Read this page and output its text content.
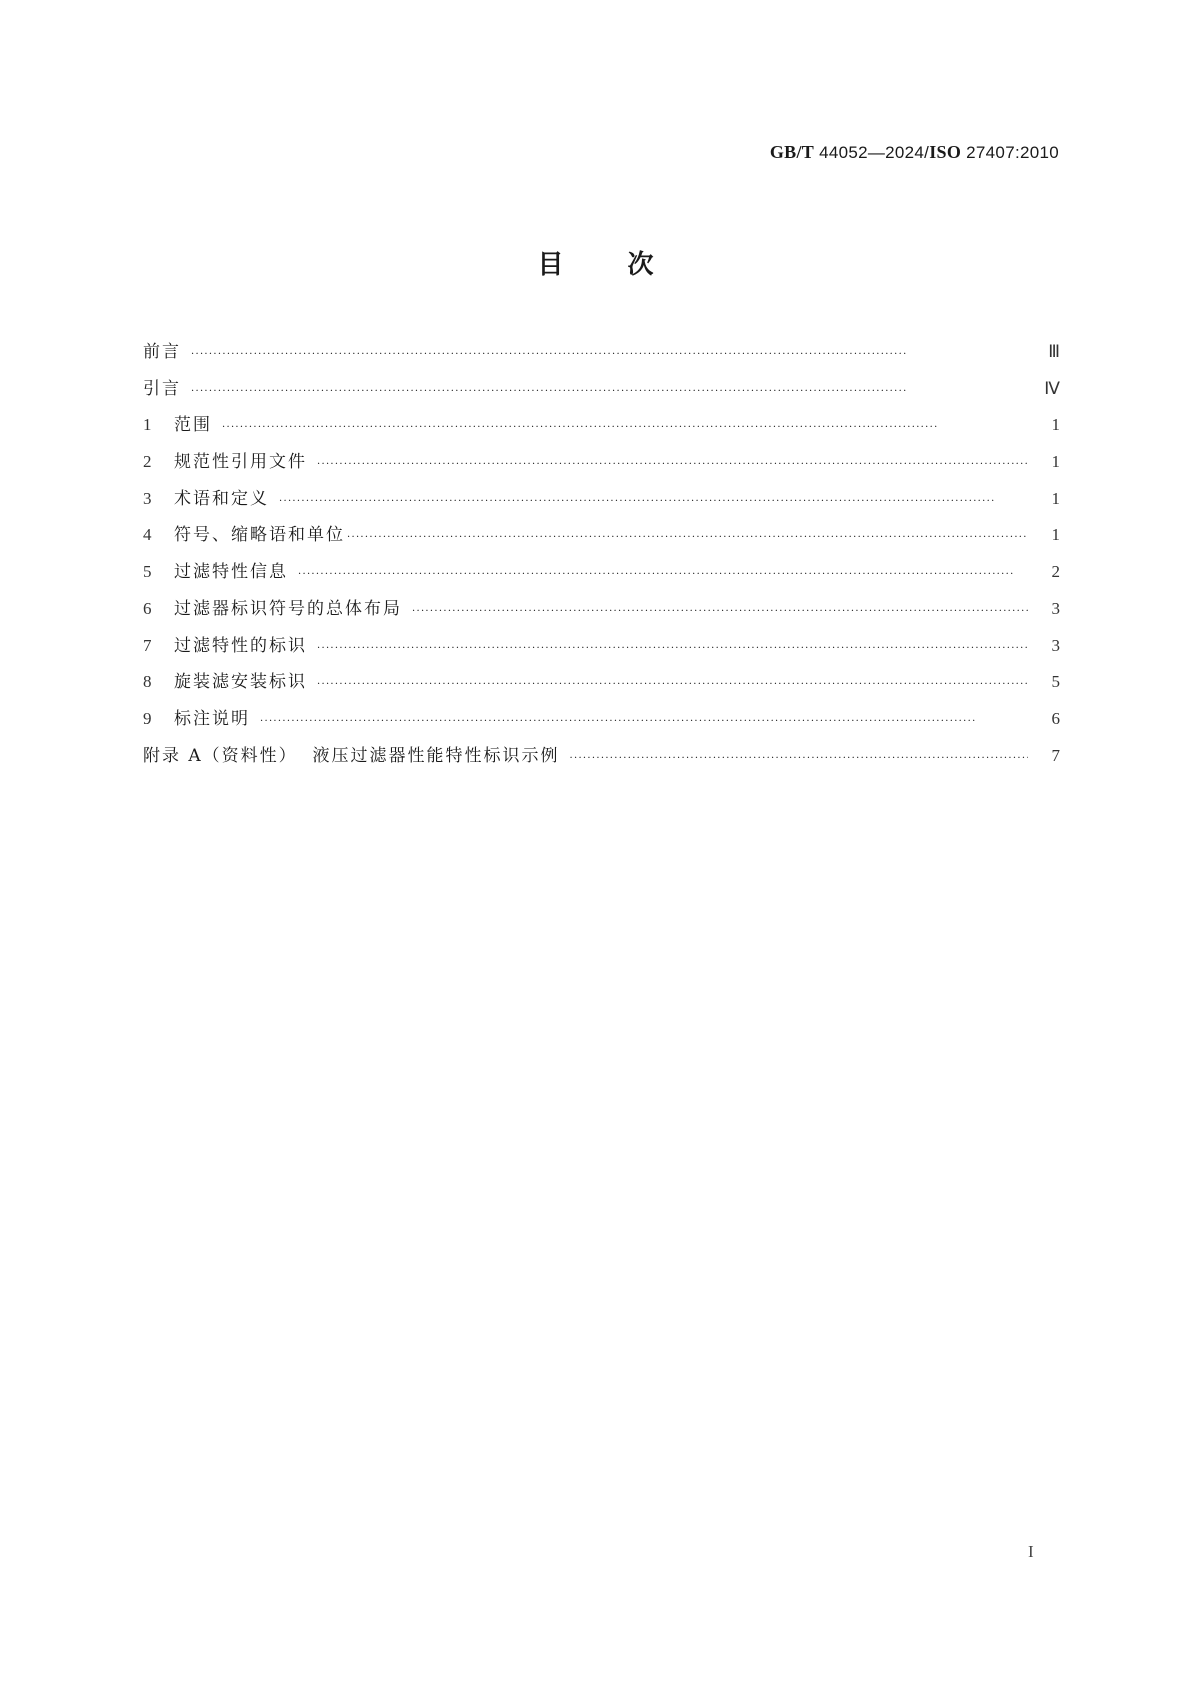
GB/T 44052—2024/ISO 27407:2010
目 次
前言 ·····	Ⅲ
引言 ·····	Ⅳ
1	范围 ·····	1
2	规范性引用文件 ·····	1
3	术语和定义 ·····	1
4	符号、缩略语和单位 ·····	1
5	过滤特性信息 ·····	2
6	过滤器标识符号的总体布局 ·····	3
7	过滤特性的标识 ·····	3
8	旋装滤安装标识 ·····	5
9	标注说明 ·····	6
附录 A（资料性）  液压过滤器性能特性标识示例 ·····	7
I
